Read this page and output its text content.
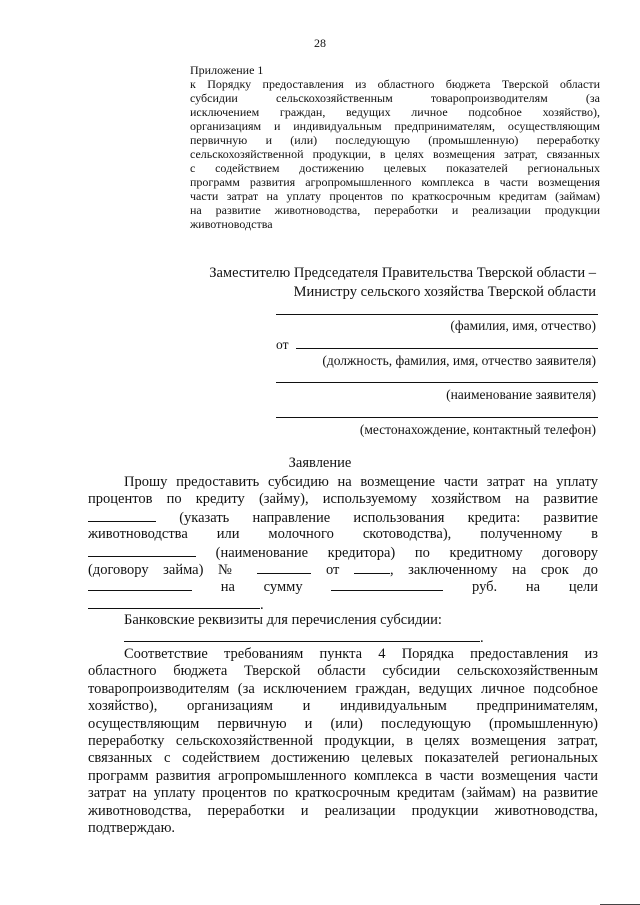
28
Приложение 1
к Порядку предоставления из областного бюджета Тверской области
субсидии сельскохозяйственным товаропроизводителям (за
исключением граждан, ведущих личное подсобное хозяйство),
организациям и индивидуальным предпринимателям, осуществляющим
первичную и (или) последующую (промышленную) переработку
сельскохозяйственной продукции, в целях возмещения затрат, связанных
с содействием достижению целевых показателей региональных
программ развития агропромышленного комплекса в части возмещения
части затрат на уплату процентов по краткосрочным кредитам (займам)
на развитие животноводства, переработки и реализации продукции
животноводства
Заместителю Председателя Правительства Тверской области –
Министру сельского хозяйства Тверской области
(фамилия, имя, отчество)
от
(должность, фамилия, имя, отчество заявителя)
(наименование заявителя)
(местонахождение, контактный телефон)
Заявление
Прошу предоставить субсидию на возмещение части затрат на уплату
процентов по кредиту (займу), используемому хозяйством на развитие
(указать направление использования кредита: развитие
животноводства или молочного скотоводства), полученному в
(наименование кредитора) по кредитному договору
(договору займа) №	от	, заключенному на срок до
на сумму	руб. на цели
.
Банковские реквизиты для перечисления субсидии:
.
Соответствие требованиям пункта 4 Порядка предоставления из
областного бюджета Тверской области субсидии сельскохозяйственным
товаропроизводителям (за исключением граждан, ведущих личное подсобное
хозяйство), организациям и индивидуальным предпринимателям,
осуществляющим первичную и (или) последующую (промышленную)
переработку сельскохозяйственной продукции, в целях возмещения затрат,
связанных с содействием достижению целевых показателей региональных
программ развития агропромышленного комплекса в части возмещения части
затрат на уплату процентов по краткосрочным кредитам (займам) на развитие
животноводства, переработки и реализации продукции животноводства,
подтверждаю.
